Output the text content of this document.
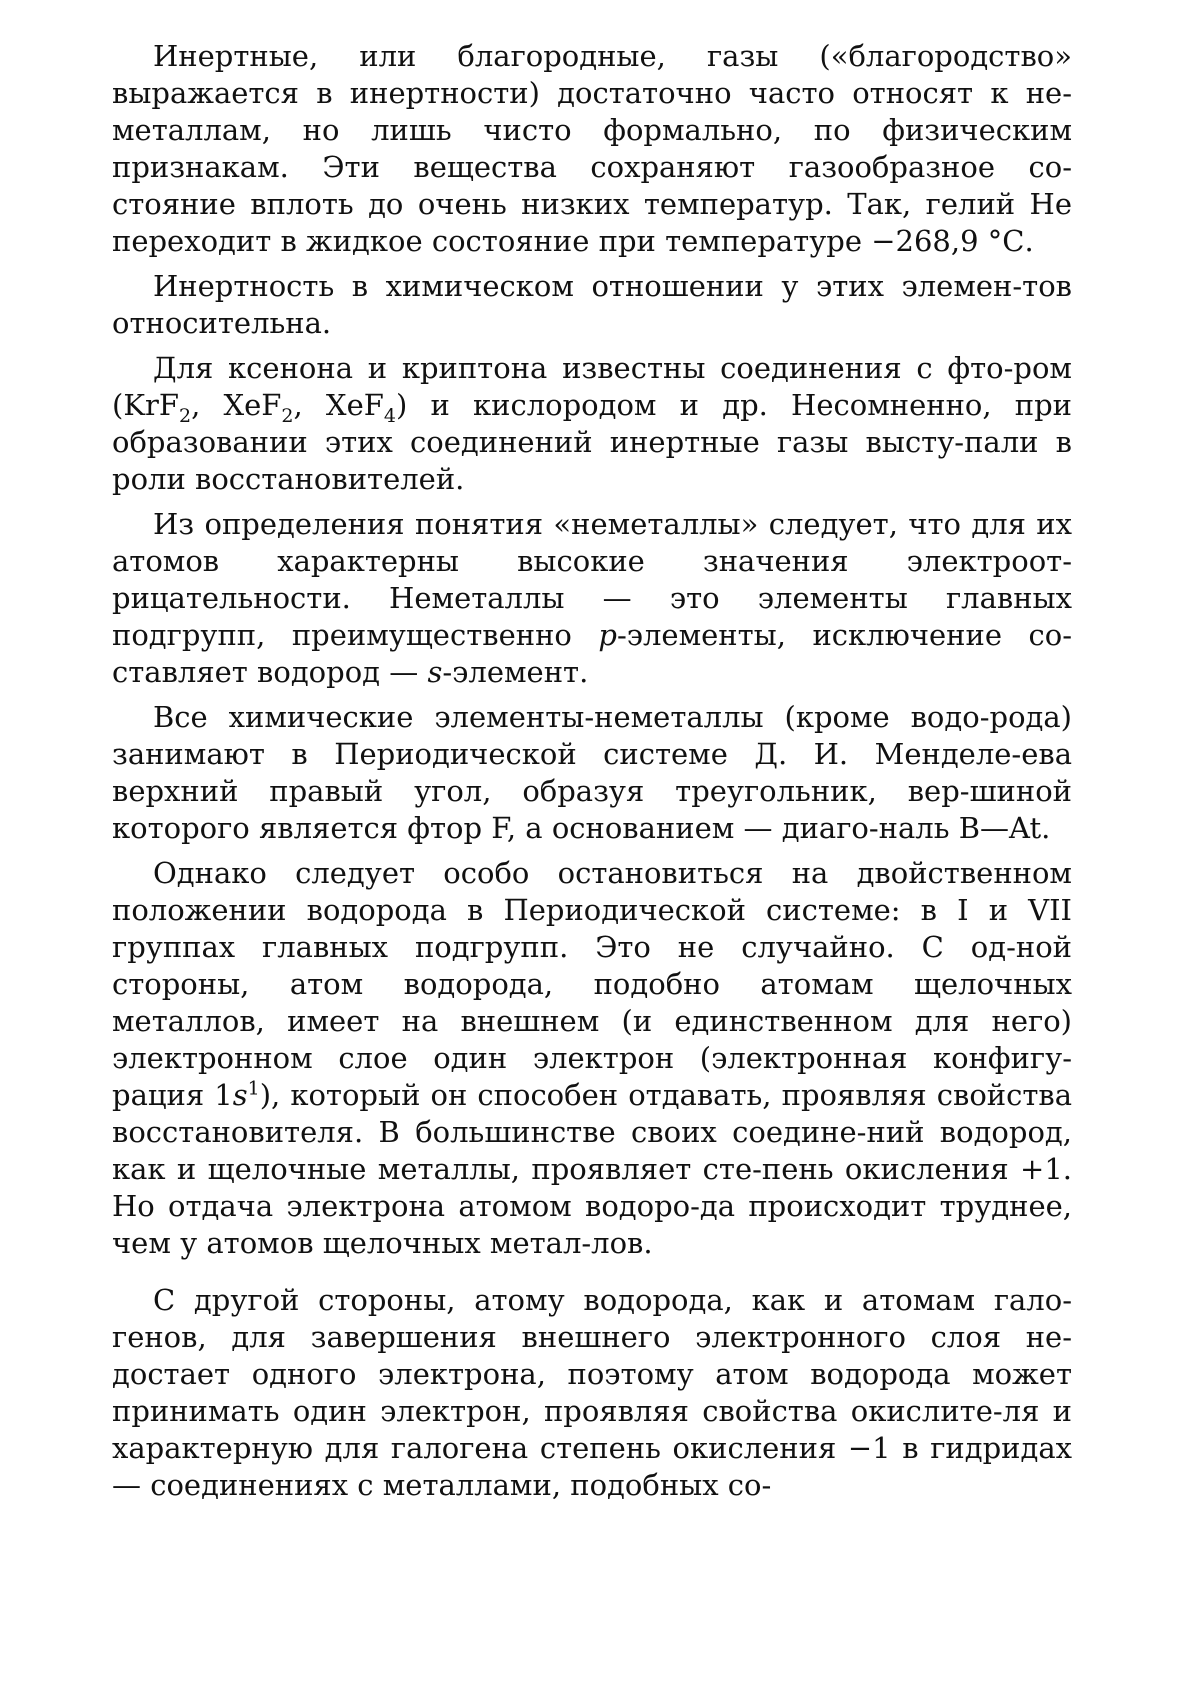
Инертные, или благородные, газы («благородство» выражается в инертности) достаточно часто относят к не-металлам, но лишь чисто формально, по физическим признакам. Эти вещества сохраняют газообразное со-стояние вплоть до очень низких температур. Так, гелий He переходит в жидкое состояние при температуре −268,9 °С.

Инертность в химическом отношении у этих элемен-тов относительна.

Для ксенона и криптона известны соединения с фто-ром (KrF$_2$, XeF$_2$, XeF$_4$) и кислородом и др. Несомненно, при образовании этих соединений инертные газы высту-пали в роли восстановителей.

Из определения понятия «неметаллы» следует, что для их атомов характерны высокие значения электроот-рицательности. Неметаллы — это элементы главных подгрупп, преимущественно p-элементы, исключение со-ставляет водород — s-элемент.

Все химические элементы-неметаллы (кроме водо-рода) занимают в Периодической системе Д. И. Менделе-ева верхний правый угол, образуя треугольник, вер-шиной которого является фтор F, а основанием — диаго-наль B—At.

Однако следует особо остановиться на двойственном положении водорода в Периодической системе: в I и VII группах главных подгрупп. Это не случайно. С од-ной стороны, атом водорода, подобно атомам щелочных металлов, имеет на внешнем (и единственном для него) электронном слое один электрон (электронная конфигу-рация $1s^1$), который он способен отдавать, проявляя свойства восстановителя. В большинстве своих соедине-ний водород, как и щелочные металлы, проявляет сте-пень окисления +1. Но отдача электрона атомом водоро-да происходит труднее, чем у атомов щелочных метал-лов.

С другой стороны, атому водорода, как и атомам гало-генов, для завершения внешнего электронного слоя не-достает одного электрона, поэтому атом водорода может принимать один электрон, проявляя свойства окислите-ля и характерную для галогена степень окисления −1 в гидридах — соединениях с металлами, подобных со-
